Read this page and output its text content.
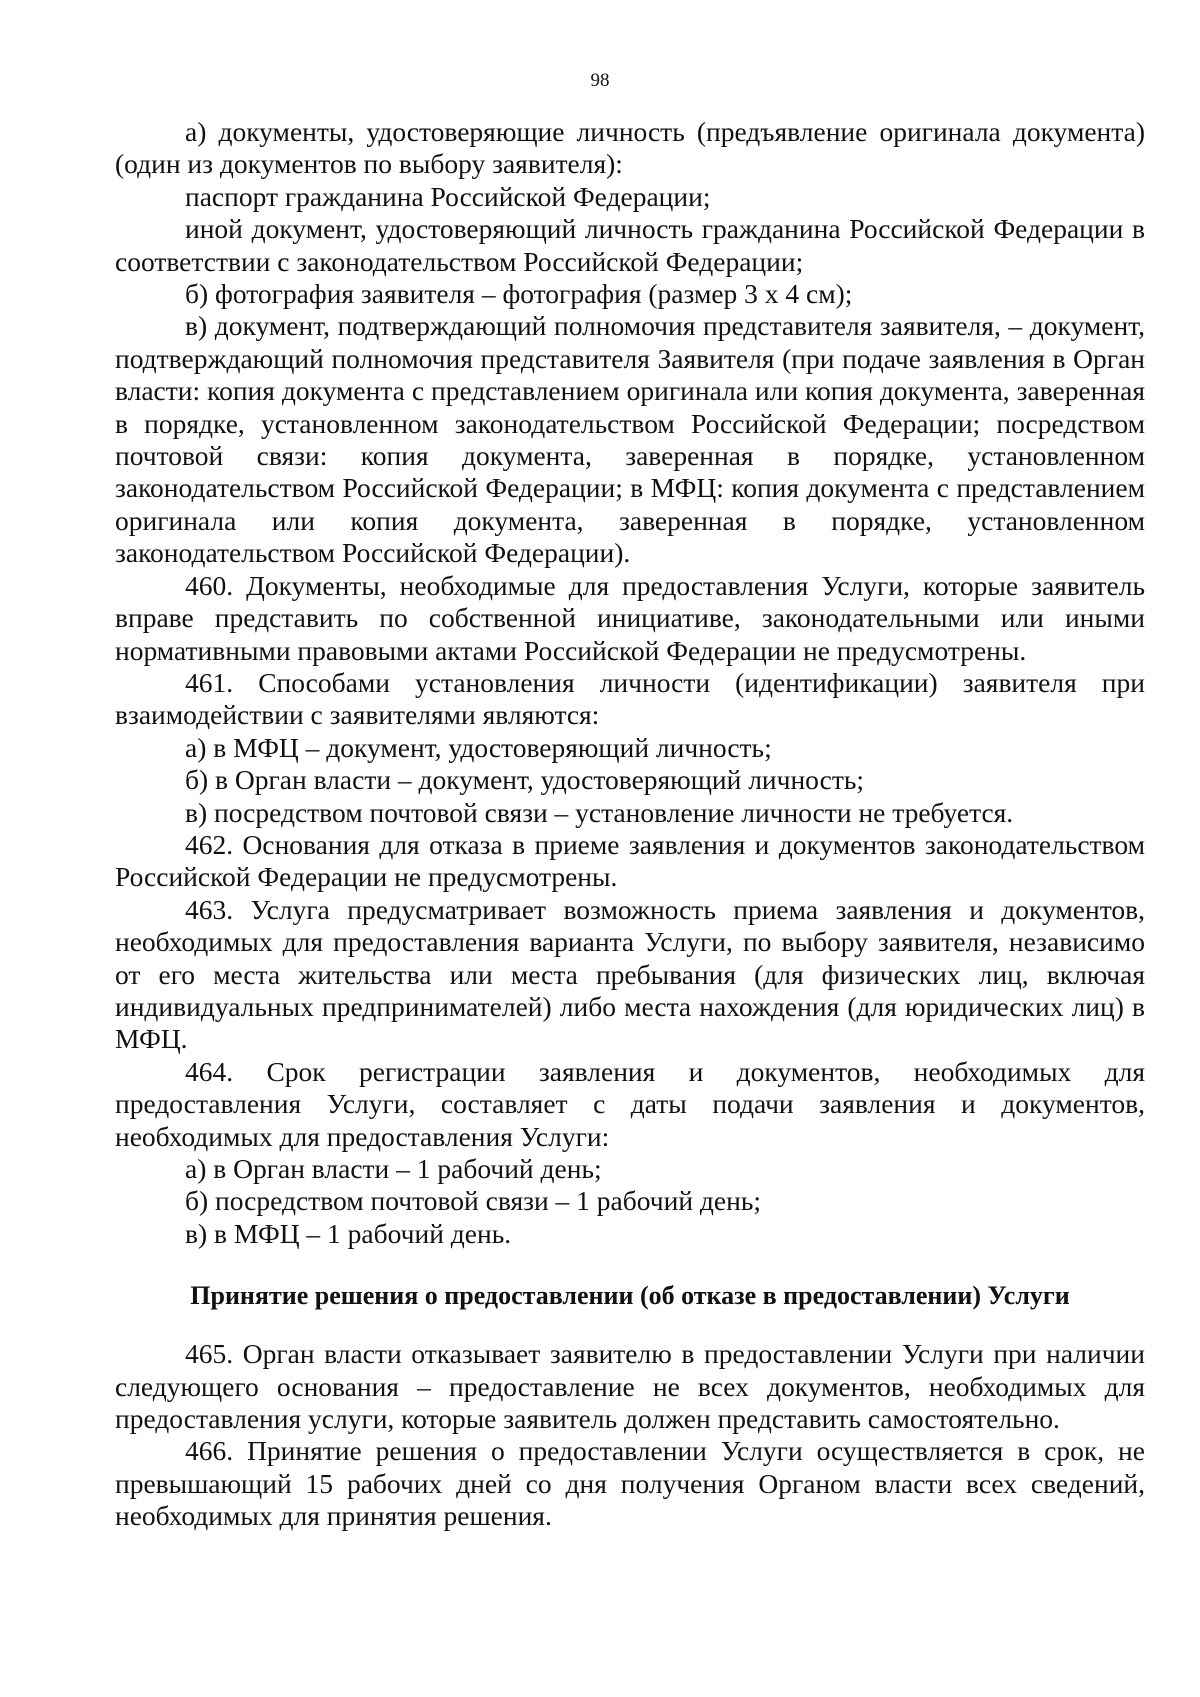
98

а) документы, удостоверяющие личность (предъявление оригинала документа) (один из документов по выбору заявителя):

паспорт гражданина Российской Федерации;

иной документ, удостоверяющий личность гражданина Российской Федерации в соответствии с законодательством Российской Федерации;

б) фотография заявителя – фотография (размер 3 х 4 см);

в) документ, подтверждающий полномочия представителя заявителя, – документ, подтверждающий полномочия представителя Заявителя (при подаче заявления в Орган власти: копия документа с представлением оригинала или копия документа, заверенная в порядке, установленном законодательством Российской Федерации; посредством почтовой связи: копия документа, заверенная в порядке, установленном законодательством Российской Федерации; в МФЦ: копия документа с представлением оригинала или копия документа, заверенная в порядке, установленном законодательством Российской Федерации).

460. Документы, необходимые для предоставления Услуги, которые заявитель вправе представить по собственной инициативе, законодательными или иными нормативными правовыми актами Российской Федерации не предусмотрены.

461. Способами установления личности (идентификации) заявителя при взаимодействии с заявителями являются:

а) в МФЦ – документ, удостоверяющий личность;

б) в Орган власти – документ, удостоверяющий личность;

в) посредством почтовой связи – установление личности не требуется.

462. Основания для отказа в приеме заявления и документов законодательством Российской Федерации не предусмотрены.

463. Услуга предусматривает возможность приема заявления и документов, необходимых для предоставления варианта Услуги, по выбору заявителя, независимо от его места жительства или места пребывания (для физических лиц, включая индивидуальных предпринимателей) либо места нахождения (для юридических лиц) в МФЦ.

464. Срок регистрации заявления и документов, необходимых для предоставления Услуги, составляет с даты подачи заявления и документов, необходимых для предоставления Услуги:

а) в Орган власти – 1 рабочий день;

б) посредством почтовой связи – 1 рабочий день;

в) в МФЦ – 1 рабочий день.

Принятие решения о предоставлении (об отказе в предоставлении) Услуги

465. Орган власти отказывает заявителю в предоставлении Услуги при наличии следующего основания – предоставление не всех документов, необходимых для предоставления услуги, которые заявитель должен представить самостоятельно.

466. Принятие решения о предоставлении Услуги осуществляется в срок, не превышающий 15 рабочих дней со дня получения Органом власти всех сведений, необходимых для принятия решения.
